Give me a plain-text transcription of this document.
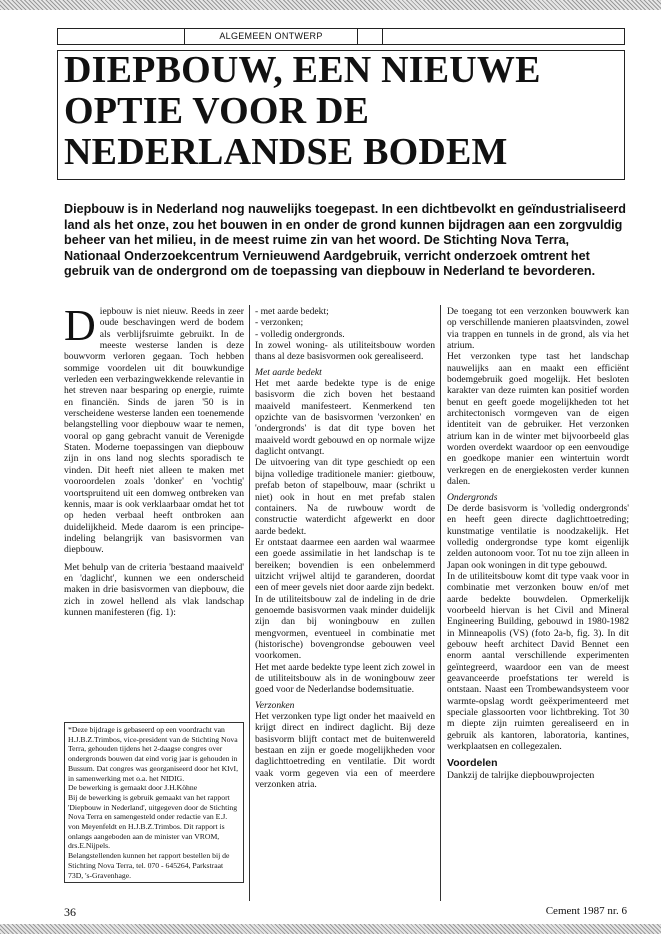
ALGEMEEN ONTWERP
DIEPBOUW, EEN NIEUWE OPTIE VOOR DE NEDERLANDSE BODEM

Diepbouw is in Nederland nog nauwelijks toegepast. In een dichtbevolkt en geïndustrialiseerd land als het onze, zou het bouwen in en onder de grond kunnen bijdragen aan een zorgvuldig beheer van het milieu, in de meest ruime zin van het woord. De Stichting Nova Terra, Nationaal Onderzoekcentrum Vernieuwend Aardgebruik, verricht onderzoek omtrent het gebruik van de ondergrond om de toepassing van diepbouw in Nederland te bevorderen.

Diepbouw is niet nieuw. Reeds in zeer oude beschavingen werd de bodem als verblijfsruimte gebruikt. In de meeste westerse landen is deze bouwvorm verloren gegaan. Toch hebben sommige voordelen uit dit bouwkundige verleden een verbazingwekkende relevantie in het streven naar besparing op energie, ruimte en financiën. Sinds de jaren '50 is in verscheidene westerse landen een toenemende belangstelling voor diepbouw waar te nemen, vooral op gang gebracht vanuit de Verenigde Staten. Moderne toepassingen van diepbouw zijn in ons land nog slechts sporadisch te vinden. Dit heeft niet alleen te maken met vooroordelen zoals 'donker' en 'vochtig' voortspruitend uit een domweg ontbreken van kennis, maar is ook verklaarbaar omdat het tot op heden verbaal heeft ontbroken aan duidelijkheid. Mede daarom is een principe-indeling belangrijk van basisvormen van diepbouw.

Met behulp van de criteria 'bestaand maaiveld' en 'daglicht', kunnen we een onderscheid maken in drie basisvormen van diepbouw, die zich in zowel hellend als vlak landschap kunnen manifesteren (fig. 1):

*Deze bijdrage is gebaseerd op een voordracht van H.J.B.Z.Trimbos, vice-president van de Stichting Nova Terra, gehouden tijdens het 2-daagse congres over ondergronds bouwen dat eind vorig jaar is gehouden in Bussum. Dat congres was georganiseerd door het KIvI, in samenwerking met o.a. het NIDIG.

De bewerking is gemaakt door J.H.Köhne

Bij de bewerking is gebruik gemaakt van het rapport 'Diepbouw in Nederland', uitgegeven door de Stichting Nova Terra en samengesteld onder redactie van E.J. von Meyenfeldt en H.J.B.Z.Trimbos. Dit rapport is onlangs aangeboden aan de minister van VROM, drs.E.Nijpels.

Belangstellenden kunnen het rapport bestellen bij de Stichting Nova Terra, tel. 070 - 645264, Parkstraat 73D, 's-Gravenhage.

- met aarde bedekt;

- verzonken;

- volledig ondergronds.

In zowel woning- als utiliteitsbouw worden thans al deze basisvormen ook gerealiseerd.

Met aarde bedekt

Het met aarde bedekte type is de enige basisvorm die zich boven het bestaand maaiveld manifesteert. Kenmerkend ten opzichte van de basisvormen 'verzonken' en 'ondergronds' is dat dit type boven het maaiveld wordt gebouwd en op normale wijze daglicht ontvangt.

De uitvoering van dit type geschiedt op een bijna volledige traditionele manier: gietbouw, prefab beton of stapelbouw, maar (schrikt u niet) ook in hout en met prefab stalen containers. Na de ruwbouw wordt de constructie waterdicht afgewerkt en door aarde bedekt.

Er ontstaat daarmee een aarden wal waarmee een goede assimilatie in het landschap is te bereiken; bovendien is een onbelemmerd uitzicht vrijwel altijd te garanderen, doordat een of meer gevels niet door aarde zijn bedekt.

In de utiliteitsbouw zal de indeling in de drie genoemde basisvormen vaak minder duidelijk zijn dan bij woningbouw en zullen mengvormen, eventueel in combinatie met (historische) bovengrondse gebouwen veel voorkomen.

Het met aarde bedekte type leent zich zowel in de utiliteitsbouw als in de woningbouw zeer goed voor de Nederlandse bodemsituatie.

Verzonken

Het verzonken type ligt onder het maaiveld en krijgt direct en indirect daglicht. Bij deze basisvorm blijft contact met de buitenwereld bestaan en zijn er goede mogelijkheden voor daglichttoetreding en ventilatie. Dit wordt vaak vorm gegeven via een of meerdere verzonken atria.

De toegang tot een verzonken bouwwerk kan op verschillende manieren plaatsvinden, zowel via trappen en tunnels in de grond, als via het atrium.

Het verzonken type tast het landschap nauwelijks aan en maakt een efficiënt bodemgebruik goed mogelijk. Het besloten karakter van deze ruimten kan positief worden benut en geeft goede mogelijkheden tot het architectonisch vormgeven van de eigen identiteit van de gebruiker. Het verzonken atrium kan in de winter met bijvoorbeeld glas worden overdekt waardoor op een eenvoudige en goedkope manier een wintertuin wordt verkregen en de energiekosten verder kunnen dalen.

Ondergronds

De derde basisvorm is 'volledig ondergronds' en heeft geen directe daglichttoetreding; kunstmatige ventilatie is noodzakelijk. Het volledig ondergrondse type komt eigenlijk zelden autonoom voor. Tot nu toe zijn alleen in Japan ook woningen in dit type gebouwd.

In de utiliteitsbouw komt dit type vaak voor in combinatie met verzonken bouw en/of met aarde bedekte bouwdelen. Opmerkelijk voorbeeld hiervan is het Civil and Mineral Engineering Building, gebouwd in 1980-1982 in Minneapolis (VS) (foto 2a-b, fig. 3). In dit gebouw heeft architect David Bennet een enorm aantal verschillende experimenten geïntegreerd, waardoor een van de meest geavanceerde proefstations ter wereld is ontstaan. Naast een Trombewandsysteem voor warmte-opslag wordt geëxperimenteerd met speciale glassoorten voor lichtbreking. Tot 30 m diepte zijn ruimten gerealiseerd en in gebruik als kantoren, laboratoria, kantines, werkplaatsen en collegezalen.

Voordelen

Dankzij de talrijke diepbouwprojecten

36	Cement 1987 nr. 6
